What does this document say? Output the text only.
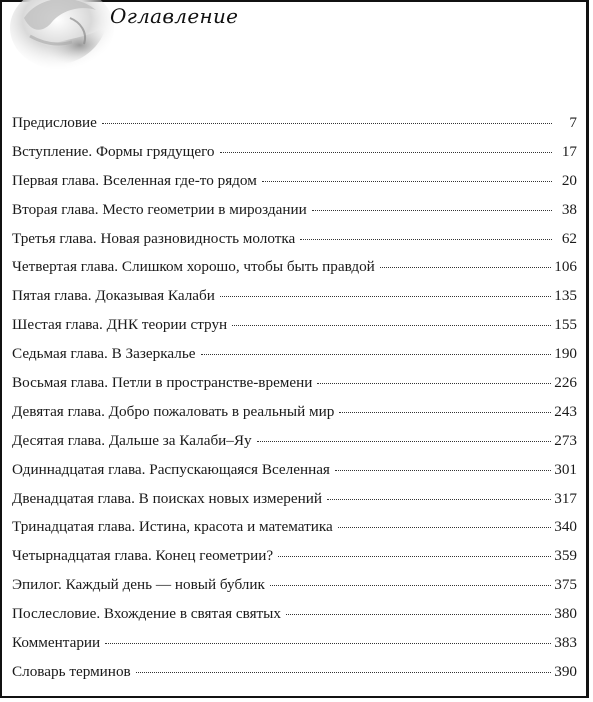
Оглавление
Предисловие	7
Вступление. Формы грядущего	17
Первая глава. Вселенная где-то рядом	20
Вторая глава. Место геометрии в мироздании	38
Третья глава. Новая разновидность молотка	62
Четвертая глава. Слишком хорошо, чтобы быть правдой	106
Пятая глава. Доказывая Калаби	135
Шестая глава. ДНК теории струн	155
Седьмая глава. В Зазеркалье	190
Восьмая глава. Петли в пространстве-времени	226
Девятая глава. Добро пожаловать в реальный мир	243
Десятая глава. Дальше за Калаби–Яу	273
Одиннадцатая глава. Распускающаяся Вселенная	301
Двенадцатая глава. В поисках новых измерений	317
Тринадцатая глава. Истина, красота и математика	340
Четырнадцатая глава. Конец геометрии?	359
Эпилог. Каждый день — новый бублик	375
Послесловие. Вхождение в святая святых	380
Комментарии	383
Словарь терминов	390
